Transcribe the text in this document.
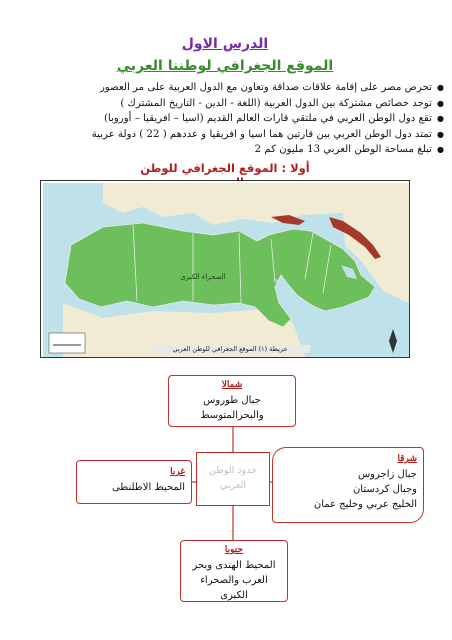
الدرس الاول
الموقع الجغرافي لوطننا العربي
● تحرص مصر على إقامة علاقات صداقة وتعاون مع الدول العربية على مر العصور
● توجد خصائص مشتركة بين الدول العربية (اللغة - الدين - التاريخ المشترك )
● تقع دول الوطن العربي في ملتقي قارات العالم القديم (اسيا – افريقيا – أوروبا)
● تمتد دول الوطن العربي بين قارتين هما اسيا و افريقيا و عددهم ( 22 ) دولة عربية
● تبلغ مساحة الوطن العربي 13 مليون كم 2
أولا : الموقع الجغرافي للوطن
الصحراء الكبرى
خريطة (١) الموقع الجغرافي للوطن العربي
شمالا
جبال طوروس
والبحرالمتوسط
غربا
المحيط الاطلنطى
حدود الوطن العربي
شرقا
جبال زاجروس
وجبال كردستان
الخليج عربي وخليج عمان
جنوبا
المحيط الهندى وبحر
العرب والصحراء
الكبرى
